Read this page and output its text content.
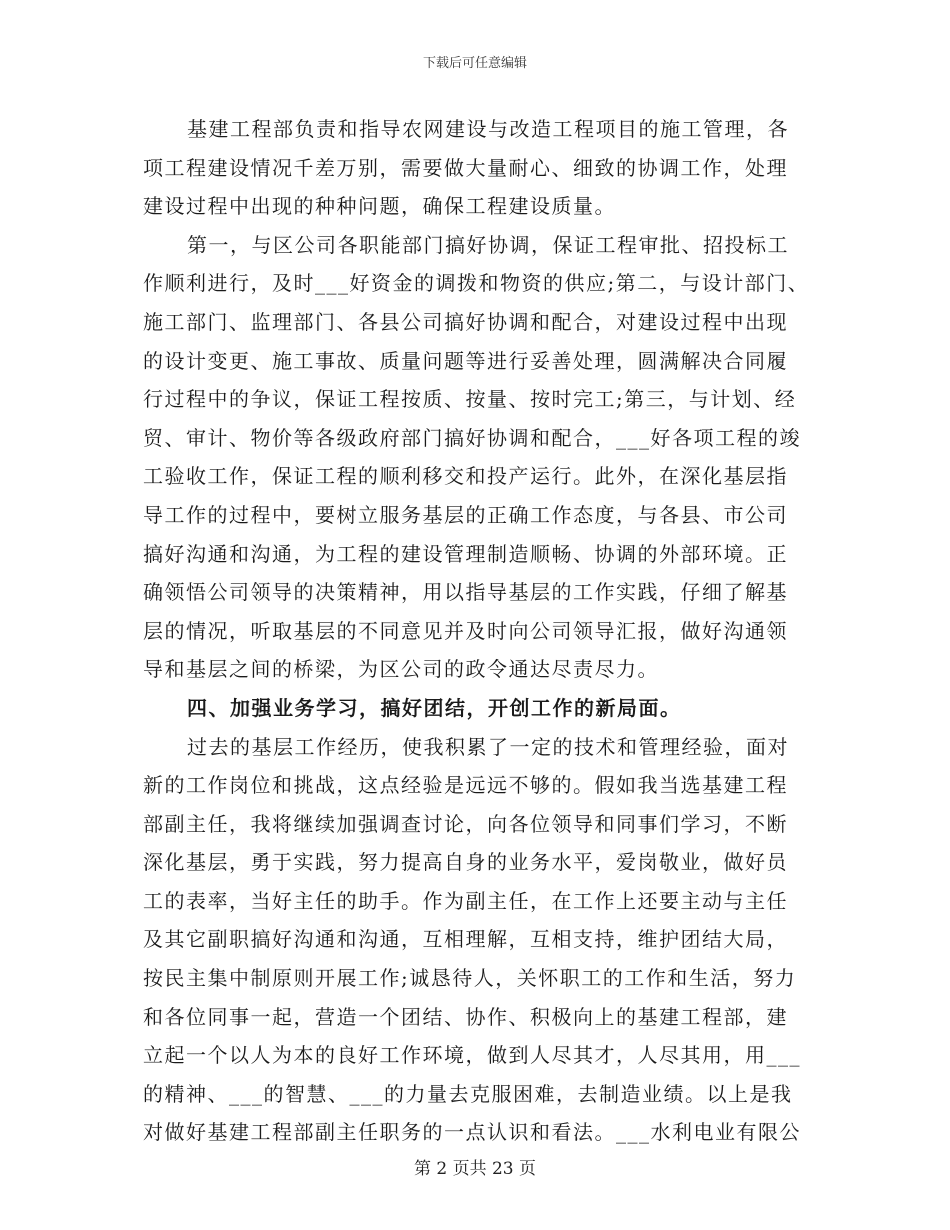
下载后可任意编辑
基建工程部负责和指导农网建设与改造工程项目的施工管理，各
项工程建设情况千差万别，需要做大量耐心、细致的协调工作，处理
建设过程中出现的种种问题，确保工程建设质量。
第一，与区公司各职能部门搞好协调，保证工程审批、招投标工
作顺利进行，及时___好资金的调拨和物资的供应;第二，与设计部门、
施工部门、监理部门、各县公司搞好协调和配合，对建设过程中出现
的设计变更、施工事故、质量问题等进行妥善处理，圆满解决合同履
行过程中的争议，保证工程按质、按量、按时完工;第三，与计划、经
贸、审计、物价等各级政府部门搞好协调和配合，___好各项工程的竣
工验收工作，保证工程的顺利移交和投产运行。此外，在深化基层指
导工作的过程中，要树立服务基层的正确工作态度，与各县、市公司
搞好沟通和沟通，为工程的建设管理制造顺畅、协调的外部环境。正
确领悟公司领导的决策精神，用以指导基层的工作实践，仔细了解基
层的情况，听取基层的不同意见并及时向公司领导汇报，做好沟通领
导和基层之间的桥梁，为区公司的政令通达尽责尽力。
四、加强业务学习，搞好团结，开创工作的新局面。
过去的基层工作经历，使我积累了一定的技术和管理经验，面对
新的工作岗位和挑战，这点经验是远远不够的。假如我当选基建工程
部副主任，我将继续加强调查讨论，向各位领导和同事们学习，不断
深化基层，勇于实践，努力提高自身的业务水平，爱岗敬业，做好员
工的表率，当好主任的助手。作为副主任，在工作上还要主动与主任
及其它副职搞好沟通和沟通，互相理解，互相支持，维护团结大局，
按民主集中制原则开展工作;诚恳待人，关怀职工的工作和生活，努力
和各位同事一起，营造一个团结、协作、积极向上的基建工程部，建
立起一个以人为本的良好工作环境，做到人尽其才，人尽其用，用___
的精神、___的智慧、___的力量去克服困难，去制造业绩。以上是我
对做好基建工程部副主任职务的一点认识和看法。___水利电业有限公
第 2 页共 23 页
